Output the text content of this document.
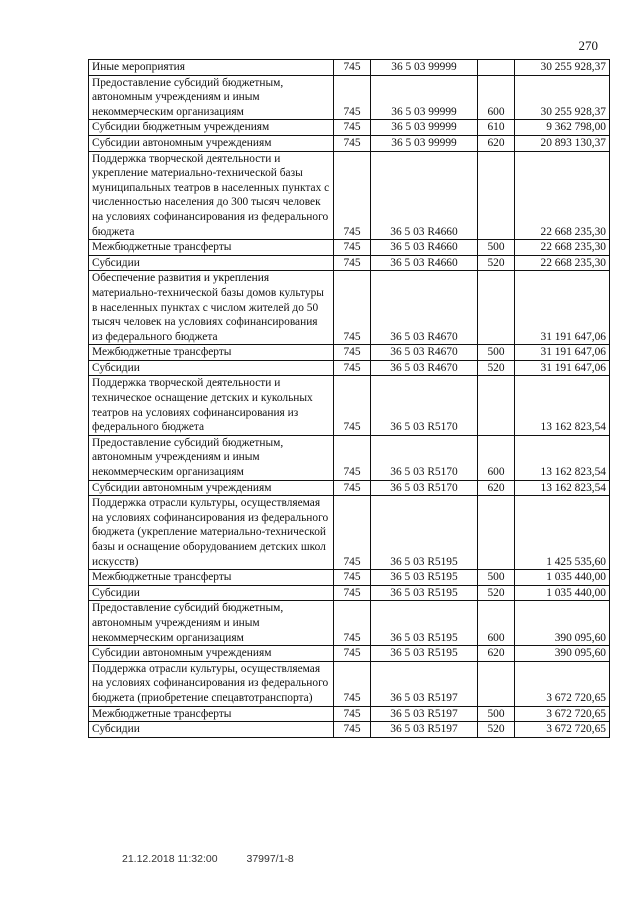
270
Иные мероприятия	745	36 5 03 99999		30 255 928,37
Предоставление субсидий бюджетным, автономным учреждениям и иным некоммерческим организациям	745	36 5 03 99999	600	30 255 928,37
Субсидии бюджетным учреждениям	745	36 5 03 99999	610	9 362 798,00
Субсидии автономным учреждениям	745	36 5 03 99999	620	20 893 130,37
Поддержка творческой деятельности и укрепление материально-технической базы муниципальных театров в населенных пунктах с численностью населения до 300 тысяч человек на условиях софинансирования из федерального бюджета	745	36 5 03 R4660		22 668 235,30
Межбюджетные трансферты	745	36 5 03 R4660	500	22 668 235,30
Субсидии	745	36 5 03 R4660	520	22 668 235,30
Обеспечение развития и укрепления материально-технической базы домов культуры в населенных пунктах с числом жителей до 50 тысяч человек на условиях софинансирования из федерального бюджета	745	36 5 03 R4670		31 191 647,06
Межбюджетные трансферты	745	36 5 03 R4670	500	31 191 647,06
Субсидии	745	36 5 03 R4670	520	31 191 647,06
Поддержка творческой деятельности и техническое оснащение детских и кукольных театров на условиях софинансирования из федерального бюджета	745	36 5 03 R5170		13 162 823,54
Предоставление субсидий бюджетным, автономным учреждениям и иным некоммерческим организациям	745	36 5 03 R5170	600	13 162 823,54
Субсидии автономным учреждениям	745	36 5 03 R5170	620	13 162 823,54
Поддержка отрасли культуры, осуществляемая на условиях софинансирования из федерального бюджета (укрепление материально-технической базы и оснащение оборудованием детских школ искусств)	745	36 5 03 R5195		1 425 535,60
Межбюджетные трансферты	745	36 5 03 R5195	500	1 035 440,00
Субсидии	745	36 5 03 R5195	520	1 035 440,00
Предоставление субсидий бюджетным, автономным учреждениям и иным некоммерческим организациям	745	36 5 03 R5195	600	390 095,60
Субсидии автономным учреждениям	745	36 5 03 R5195	620	390 095,60
Поддержка отрасли культуры, осуществляемая на условиях софинансирования из федерального бюджета (приобретение спецавтотранспорта)	745	36 5 03 R5197		3 672 720,65
Межбюджетные трансферты	745	36 5 03 R5197	500	3 672 720,65
Субсидии	745	36 5 03 R5197	520	3 672 720,65
21.12.2018 11:32:00	37997/1-8
